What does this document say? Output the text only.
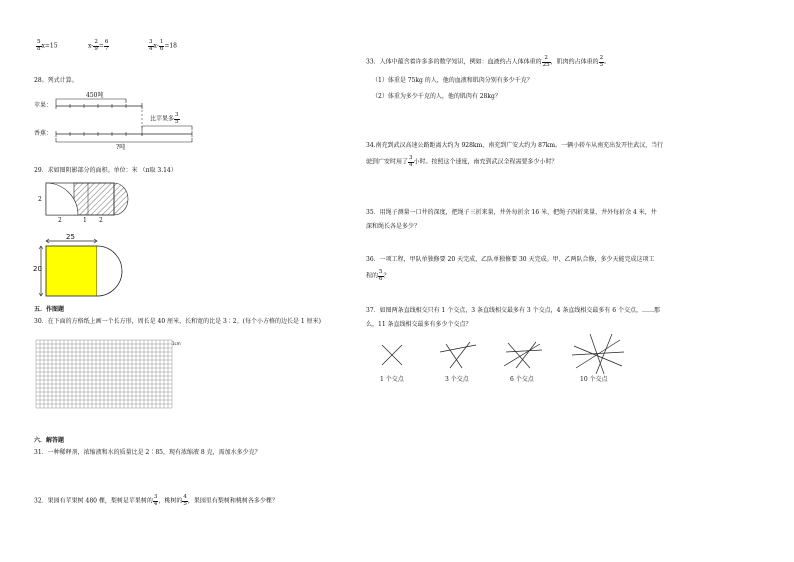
$\frac{5}{8} x=15$	$x- \frac{2}{9} = \frac{6}{7}$	$\frac{3}{4} x- \frac{1}{6} =18$
28。列式计算。
苹果：
香蕉：
450吨
比苹果多 $\frac{3}{5}$
?吨
29．求如图阴影部分的面积。单位：米 （π取 3.14）
2
2	1 2
25
20
五．作图题
30．在下面的方格纸上画一个长方形，周长是 40 厘米，长和宽的比是 3∶2。(每个小方格的边长是 1 厘米)
1cm
六．解答题
31．一种稀释剂，浓缩液和水的质量比是 2∶85，现有浓缩液 8 克，需加水多少克？
32．果园有苹果树 480 棵，梨树是苹果树的 $\frac{3}{4}$ ，桃树的 $\frac{4}{5}$ ，果园里有梨树和桃树各多少棵？
33．人体中蕴含着许多多的数学知识，例如：血液约占人体体重的 $\frac{2}{25}$ ，肌肉约占体重的 $\frac{2}{5}$ 。
（1）体重是 75kg 的人，他的血液和肌肉分别有多少千克？
（2）体重为多少千克的人，他的肌肉有 28kg？
34.南充到武汉高速公路距离大约为 928km，南充到广安大约为 87km。一辆小轿车从南充出发开往武汉，当行
驶到广安时用了 $\frac{3}{4}$ 小时。按照这个速度，南充到武汉全程需要多少小时？
35．用绳子测量一口井的深度，把绳子三折来量，井外每折余 16 米，把绳子四折来量，井外每折余 4 米，井
深和绳长各是多少？
36．一项工程，甲队单独修要 20 天完成，乙队单独修要 30 天完成。甲、乙两队合修，多少天能完成这项工
程的 $\frac{5}{6}$ ？
37．如图两条直线相交只有 1 个交点，3 条直线相交最多有 3 个交点，4 条直线相交最多有 6 个交点，……那
么，11 条直线相交最多有多少个交点？
1 个交点	3 个交点	6 个交点	10 个交点
